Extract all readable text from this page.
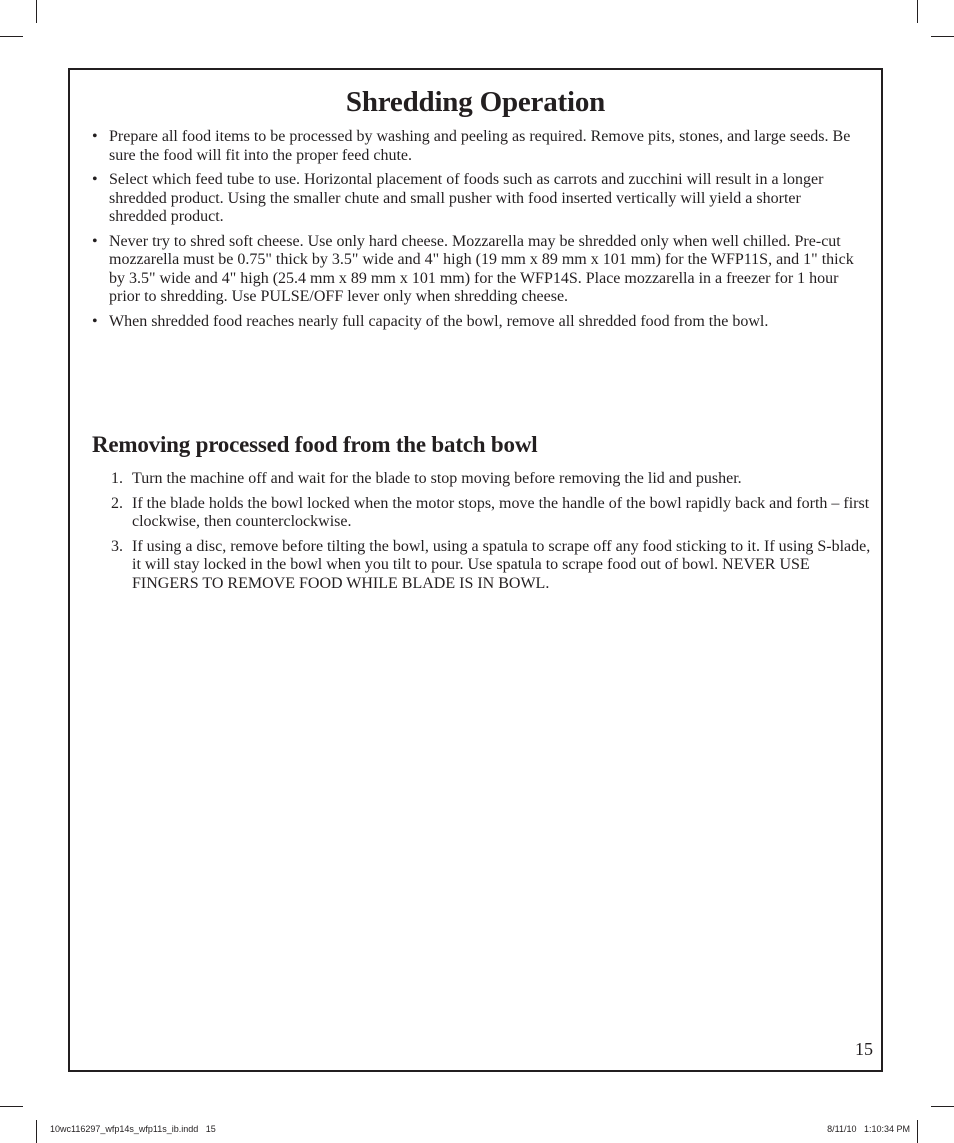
Shredding Operation
• Prepare all food items to be processed by washing and peeling as required. Remove pits, stones, and large seeds. Be sure the food will fit into the proper feed chute.
• Select which feed tube to use. Horizontal placement of foods such as carrots and zucchini will result in a longer shredded product. Using the smaller chute and small pusher with food inserted vertically will yield a shorter shredded product.
• Never try to shred soft cheese. Use only hard cheese. Mozzarella may be shredded only when well chilled. Pre-cut mozzarella must be 0.75" thick by 3.5" wide and 4" high (19 mm x 89 mm x 101 mm) for the WFP11S, and 1" thick by 3.5" wide and 4" high (25.4 mm x 89 mm x 101 mm) for the WFP14S. Place mozzarella in a freezer for 1 hour prior to shredding. Use PULSE/OFF lever only when shredding cheese.
• When shredded food reaches nearly full capacity of the bowl, remove all shredded food from the bowl.
Removing processed food from the batch bowl
1. Turn the machine off and wait for the blade to stop moving before removing the lid and pusher.
2. If the blade holds the bowl locked when the motor stops, move the handle of the bowl rapidly back and forth – first clockwise, then counterclockwise.
3. If using a disc, remove before tilting the bowl, using a spatula to scrape off any food sticking to it. If using S-blade, it will stay locked in the bowl when you tilt to pour. Use spatula to scrape food out of bowl. NEVER USE FINGERS TO REMOVE FOOD WHILE BLADE IS IN BOWL.
15
10wc116297_wfp14s_wfp11s_ib.indd   15	8/11/10   1:10:34 PM
